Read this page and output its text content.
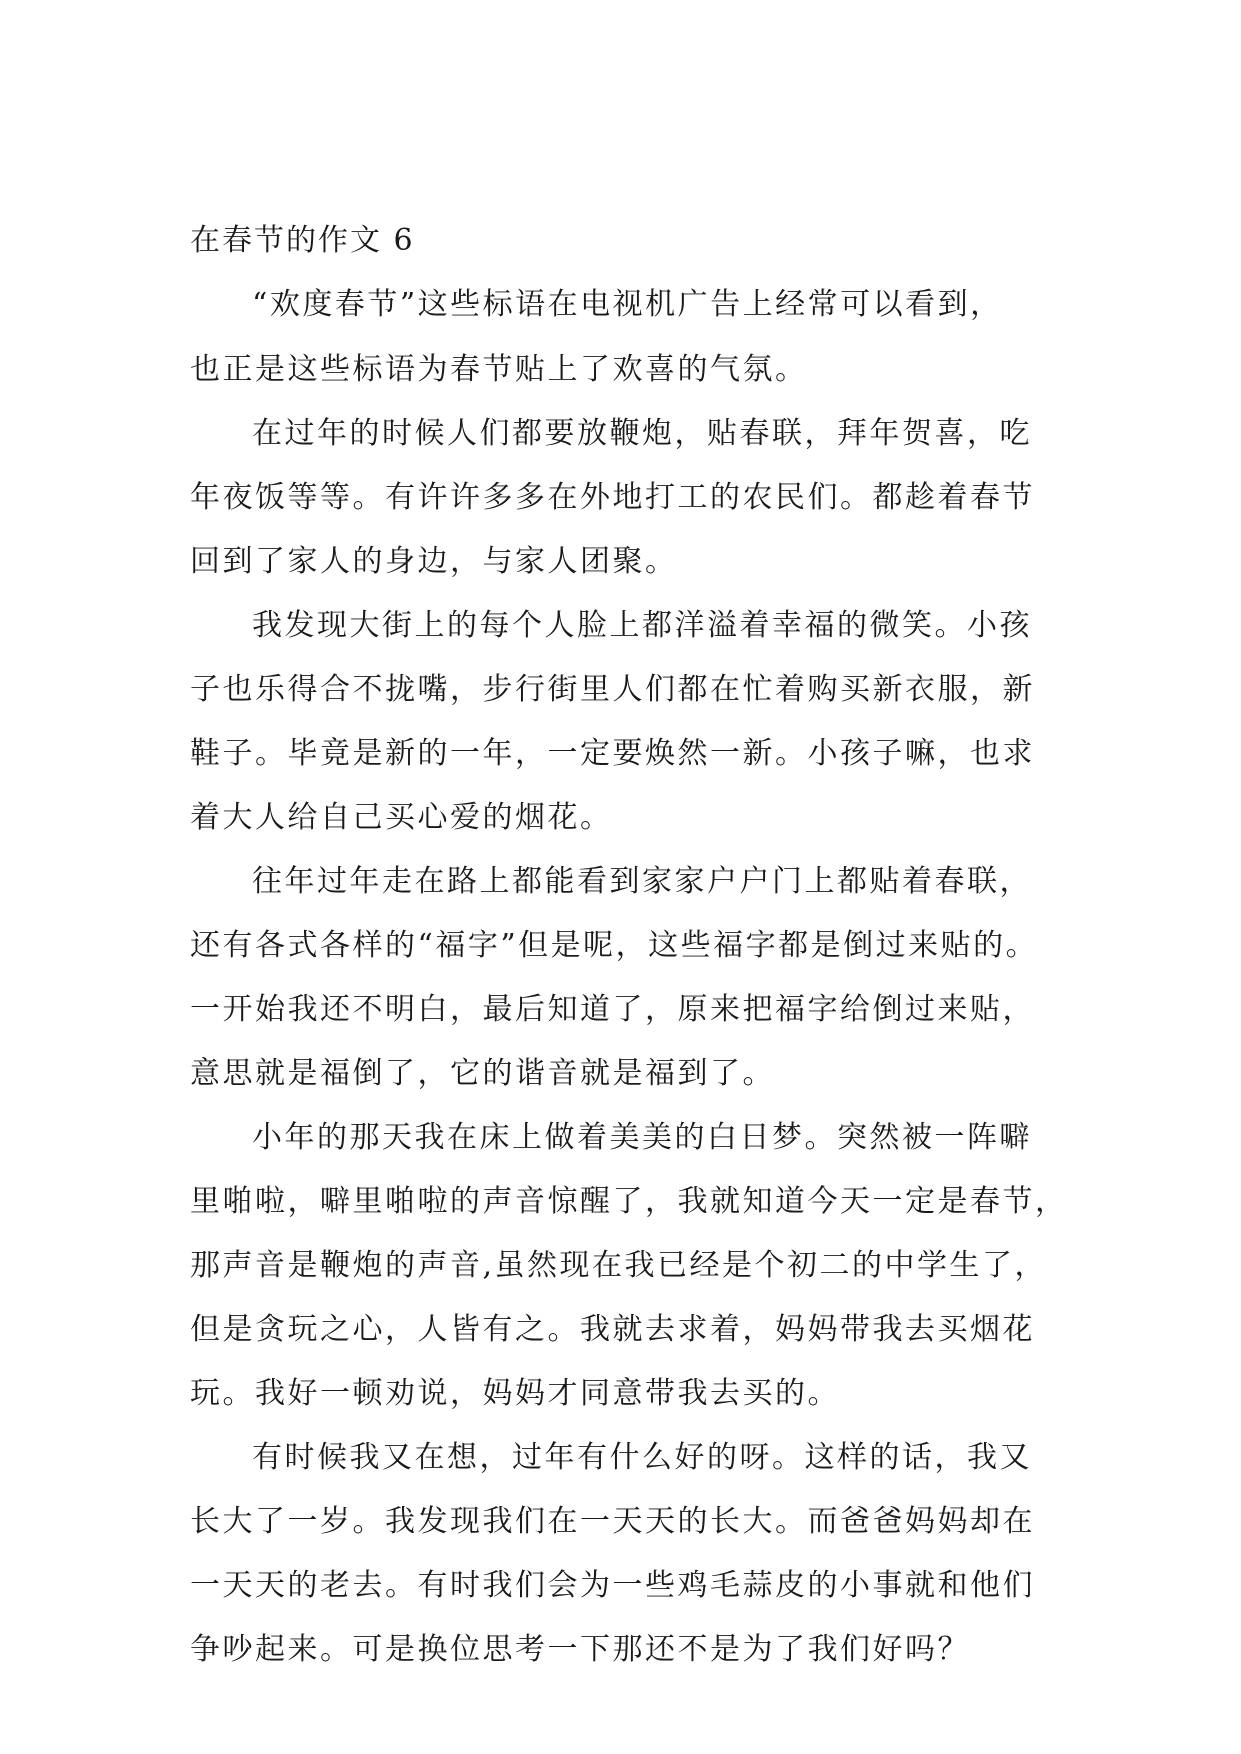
在春节的作文 6
“欢度春节”这些标语在电视机广告上经常可以看到，
也正是这些标语为春节贴上了欢喜的气氛。
在过年的时候人们都要放鞭炮，贴春联，拜年贺喜，吃
年夜饭等等。有许许多多在外地打工的农民们。都趁着春节
回到了家人的身边，与家人团聚。
我发现大街上的每个人脸上都洋溢着幸福的微笑。小孩
子也乐得合不拢嘴，步行街里人们都在忙着购买新衣服，新
鞋子。毕竟是新的一年，一定要焕然一新。小孩子嘛，也求
着大人给自己买心爱的烟花。
往年过年走在路上都能看到家家户户门上都贴着春联，
还有各式各样的“福字”但是呢，这些福字都是倒过来贴的。
一开始我还不明白，最后知道了，原来把福字给倒过来贴，
意思就是福倒了，它的谐音就是福到了。
小年的那天我在床上做着美美的白日梦。突然被一阵噼
里啪啦，噼里啪啦的声音惊醒了，我就知道今天一定是春节，
那声音是鞭炮的声音,虽然现在我已经是个初二的中学生了，
但是贪玩之心，人皆有之。我就去求着，妈妈带我去买烟花
玩。我好一顿劝说，妈妈才同意带我去买的。
有时候我又在想，过年有什么好的呀。这样的话，我又
长大了一岁。我发现我们在一天天的长大。而爸爸妈妈却在
一天天的老去。有时我们会为一些鸡毛蒜皮的小事就和他们
争吵起来。可是换位思考一下那还不是为了我们好吗？
